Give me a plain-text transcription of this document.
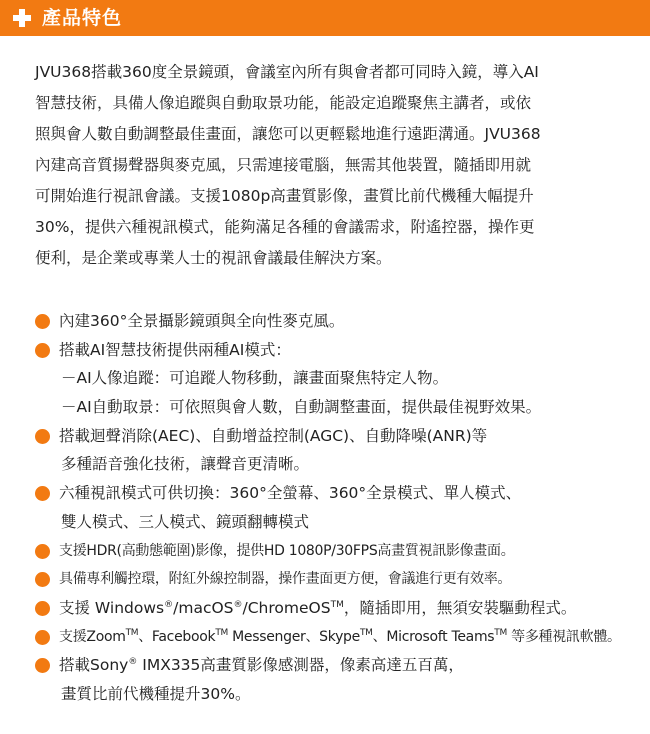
產品特色
JVU368搭載360度全景鏡頭，會議室內所有與會者都可同時入鏡，導入AI
智慧技術，具備人像追蹤與自動取景功能，能設定追蹤聚焦主講者，或依
照與會人數自動調整最佳畫面，讓您可以更輕鬆地進行遠距溝通。JVU368
內建高音質揚聲器與麥克風，只需連接電腦，無需其他裝置，隨插即用就
可開始進行視訊會議。支援1080p高畫質影像，畫質比前代機種大幅提升
30%，提供六種視訊模式，能夠滿足各種的會議需求，附遙控器，操作更
便利，是企業或專業人士的視訊會議最佳解決方案。
內建360°全景攝影鏡頭與全向性麥克風。
搭載AI智慧技術提供兩種AI模式：
－AI人像追蹤：可追蹤人物移動，讓畫面聚焦特定人物。
－AI自動取景：可依照與會人數，自動調整畫面，提供最佳視野效果。
搭載迴聲消除(AEC)、自動增益控制(AGC)、自動降噪(ANR)等
多種語音強化技術，讓聲音更清晰。
六種視訊模式可供切換：360°全螢幕、360°全景模式、單人模式、
雙人模式、三人模式、鏡頭翻轉模式
支援HDR(高動態範圍)影像，提供HD 1080P/30FPS高畫質視訊影像畫面。
具備專利觸控環，附紅外線控制器，操作畫面更方便，會議進行更有效率。
支援 Windows®/macOS®/ChromeOS™，隨插即用，無須安裝驅動程式。
支援Zoom™、Facebook™ Messenger、Skype™、Microsoft Teams™ 等多種視訊軟體。
搭載Sony® IMX335高畫質影像感測器，像素高達五百萬，
畫質比前代機種提升30%。
